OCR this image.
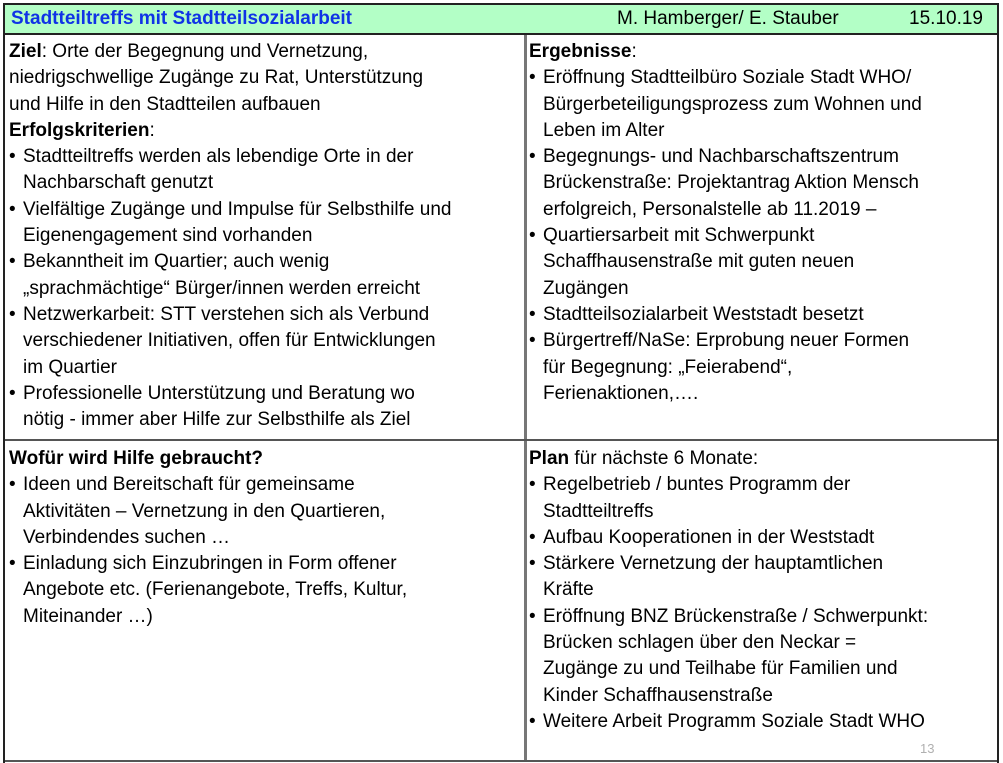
Stadtteiltreffs mit Stadtteilsozialarbeit	M. Hamberger/ E. Stauber	15.10.19
Ziel: Orte der Begegnung und Vernetzung,
niedrigschwellige Zugänge zu Rat, Unterstützung
und Hilfe in den Stadtteilen aufbauen
Erfolgskriterien:
• Stadtteiltreffs werden als lebendige Orte in der
Nachbarschaft genutzt
• Vielfältige Zugänge und Impulse für Selbsthilfe und
Eigenengagement sind vorhanden
• Bekanntheit im Quartier; auch wenig
„sprachmächtige“ Bürger/innen werden erreicht
• Netzwerkarbeit: STT verstehen sich als Verbund
verschiedener Initiativen, offen für Entwicklungen
im Quartier
• Professionelle Unterstützung und Beratung wo
nötig - immer aber Hilfe zur Selbsthilfe als Ziel
Ergebnisse:
• Eröffnung Stadtteilbüro Soziale Stadt WHO/
Bürgerbeteiligungsprozess zum Wohnen und
Leben im Alter
• Begegnungs- und Nachbarschaftszentrum
Brückenstraße: Projektantrag Aktion Mensch
erfolgreich, Personalstelle ab 11.2019 –
• Quartiersarbeit mit Schwerpunkt
Schaffhausenstraße mit guten neuen
Zugängen
• Stadtteilsozialarbeit Weststadt besetzt
• Bürgertreff/NaSe: Erprobung neuer Formen
für Begegnung: „Feierabend“,
Ferienaktionen,….
Wofür wird Hilfe gebraucht?
• Ideen und Bereitschaft für gemeinsame
Aktivitäten – Vernetzung in den Quartieren,
Verbindendes suchen …
• Einladung sich Einzubringen in Form offener
Angebote etc. (Ferienangebote, Treffs, Kultur,
Miteinander …)
Plan für nächste 6 Monate:
• Regelbetrieb / buntes Programm der
Stadtteiltreffs
• Aufbau Kooperationen in der Weststadt
• Stärkere Vernetzung der hauptamtlichen
Kräfte
• Eröffnung BNZ Brückenstraße / Schwerpunkt:
Brücken schlagen über den Neckar =
Zugänge zu und Teilhabe für Familien und
Kinder Schaffhausenstraße
• Weitere Arbeit Programm Soziale Stadt WHO
13
